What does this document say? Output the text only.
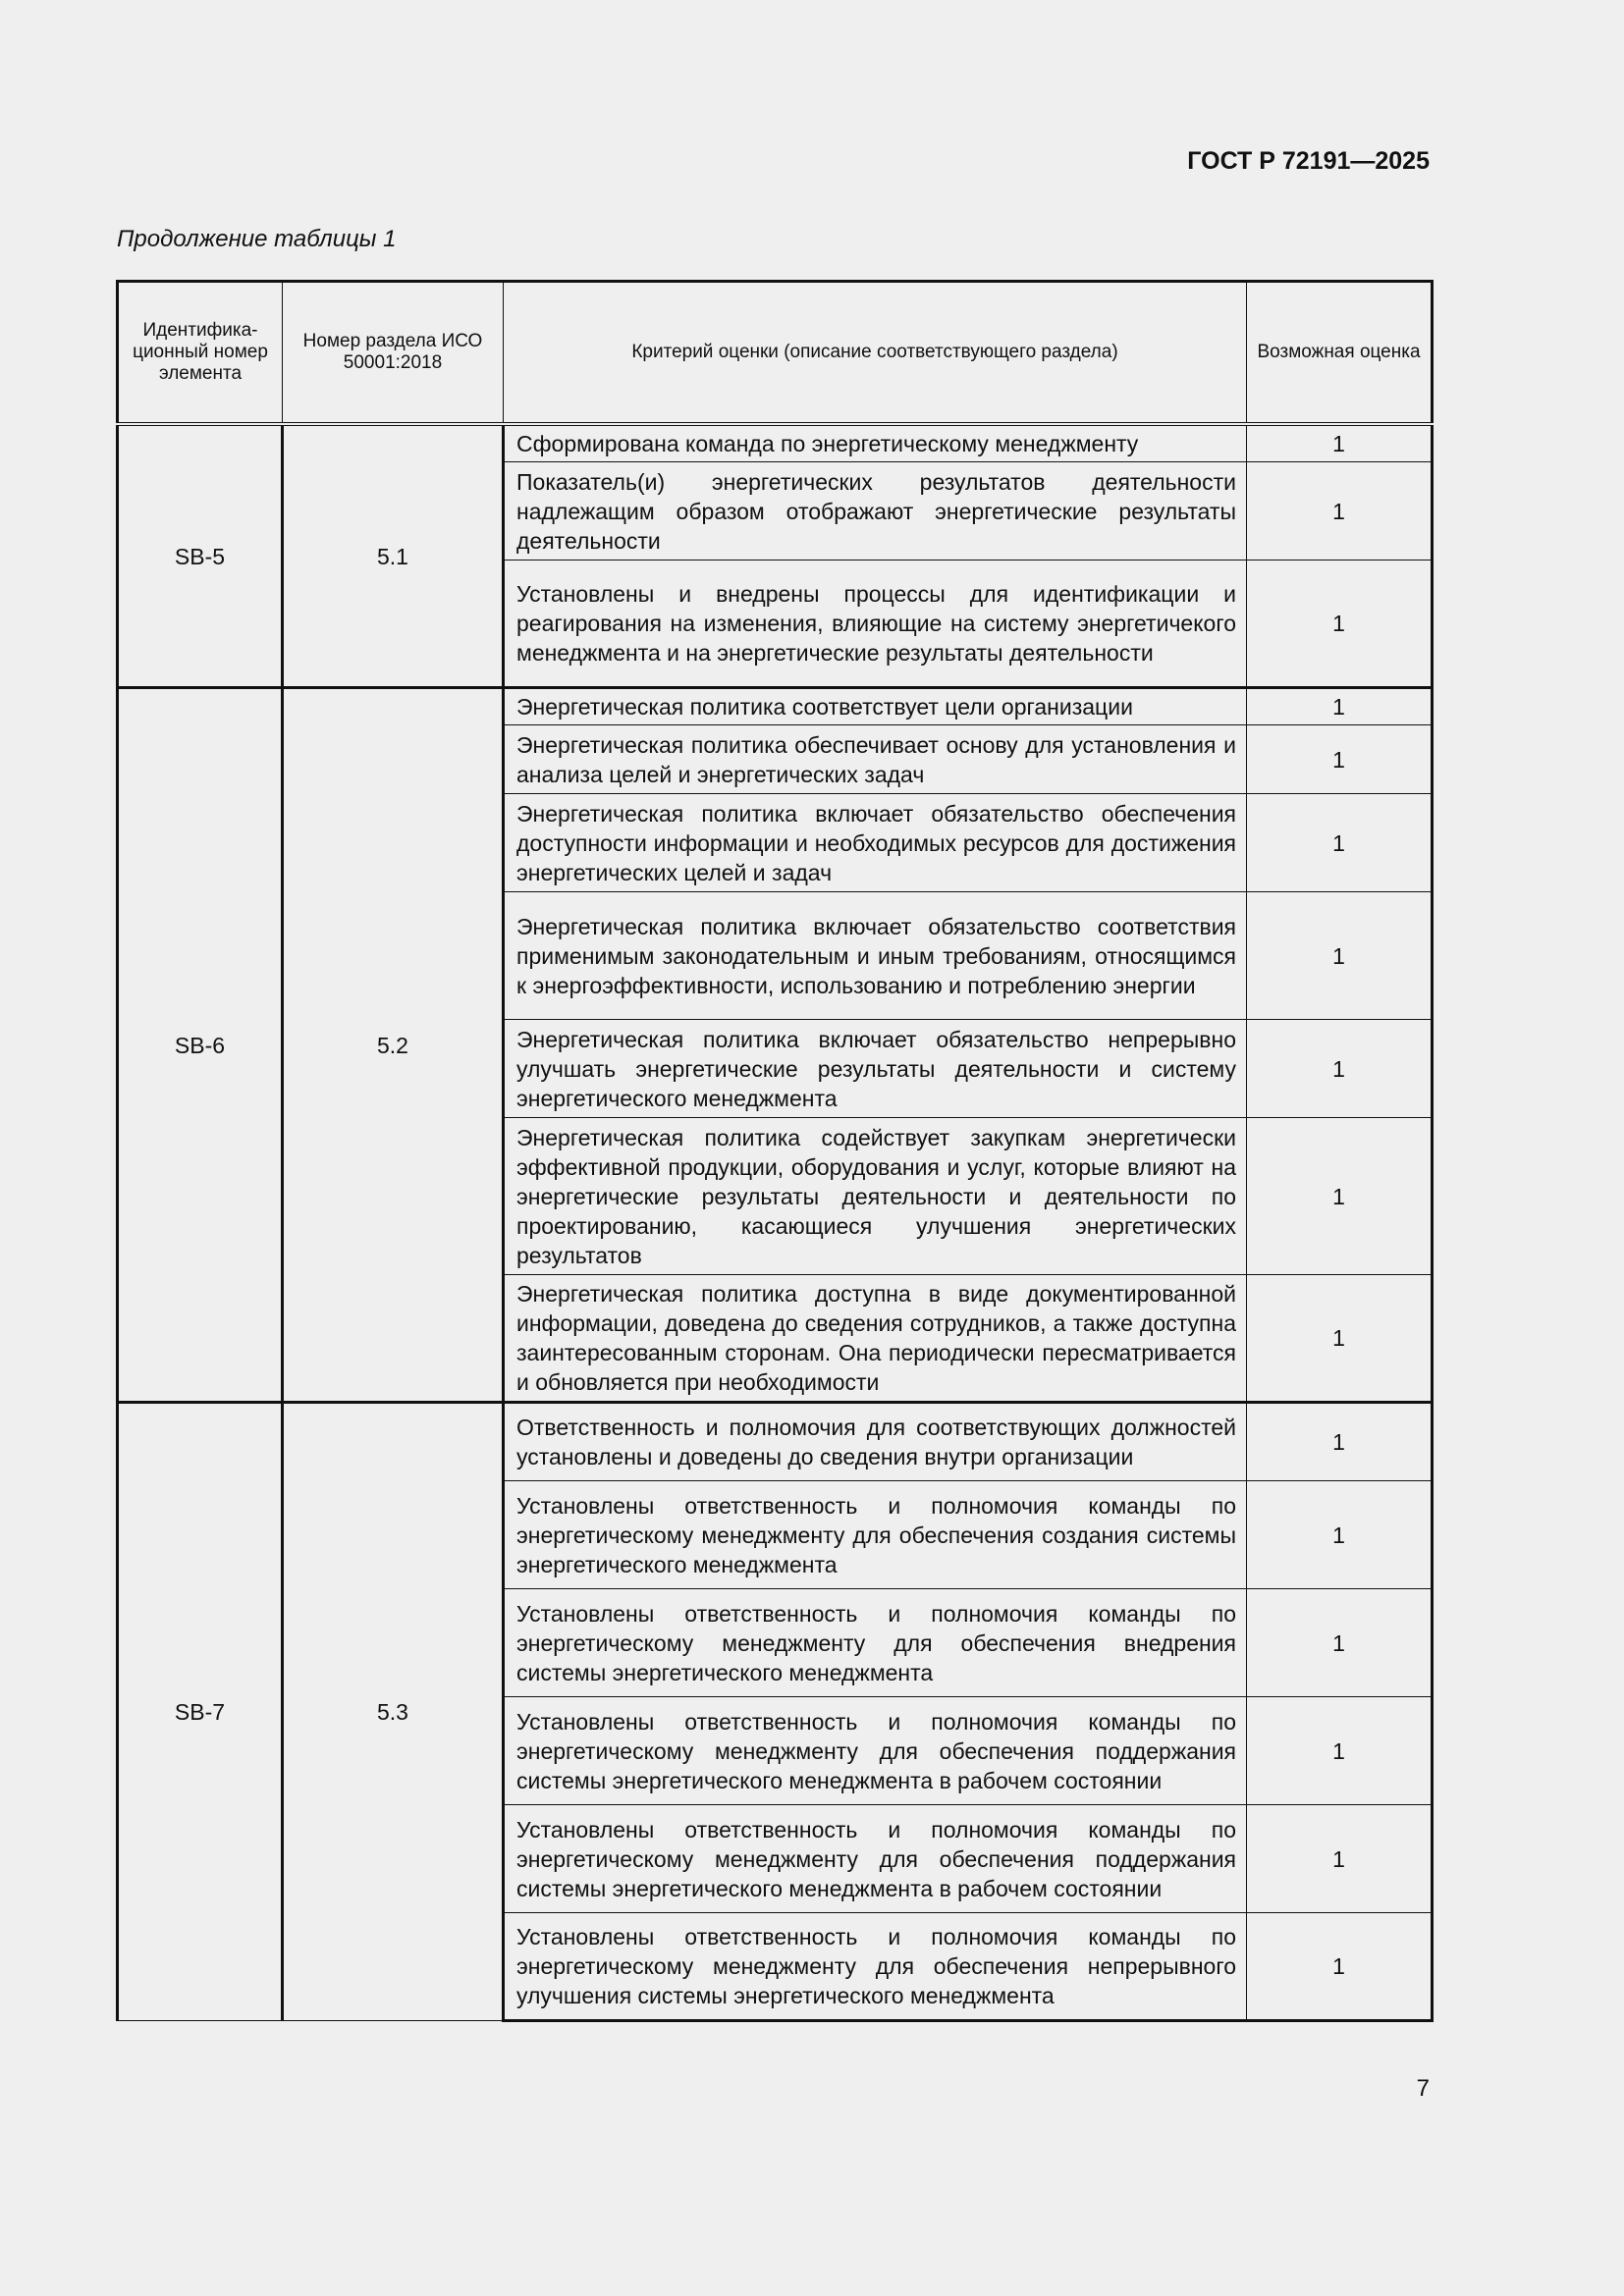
ГОСТ Р 72191—2025
Продолжение таблицы 1
Идентифика-ционный номер элемента	Номер раздела ИСО 50001:2018	Критерий оценки (описание соответствующего раздела)	Возможная оценка
SB-5	5.1	Сформирована команда по энергетическому менеджменту	1
		Показатель(и) энергетических результатов деятельности надлежащим образом отображают энергетические результаты деятельности	1
		Установлены и внедрены процессы для идентификации и реагирования на изменения, влияющие на систему энергетичекого менеджмента и на энергетические результаты деятельности	1
SB-6	5.2	Энергетическая политика соответствует цели организации	1
		Энергетическая политика обеспечивает основу для установления и анализа целей и энергетических задач	1
		Энергетическая политика включает обязательство обеспечения доступности информации и необходимых ресурсов для достижения энергетических целей и задач	1
		Энергетическая политика включает обязательство соответствия применимым законодательным и иным требованиям, относящимся к энергоэффективности, использованию и потреблению энергии	1
		Энергетическая политика включает обязательство непрерывно улучшать энергетические результаты деятельности и систему энергетического менеджмента	1
		Энергетическая политика содействует закупкам энергетически эффективной продукции, оборудования и услуг, которые влияют на энергетические результаты деятельности и деятельности по проектированию, касающиеся улучшения энергетических результатов	1
		Энергетическая политика доступна в виде документированной информации, доведена до сведения сотрудников, а также доступна заинтересованным сторонам. Она периодически пересматривается и обновляется при необходимости	1
SB-7	5.3	Ответственность и полномочия для соответствующих должностей установлены и доведены до сведения внутри организации	1
		Установлены ответственность и полномочия команды по энергетическому менеджменту для обеспечения создания системы энергетического менеджмента	1
		Установлены ответственность и полномочия команды по энергетическому менеджменту для обеспечения внедрения системы энергетического менеджмента	1
		Установлены ответственность и полномочия команды по энергетическому менеджменту для обеспечения поддержания системы энергетического менеджмента в рабочем состоянии	1
		Установлены ответственность и полномочия команды по энергетическому менеджменту для обеспечения поддержания системы энергетического менеджмента в рабочем состоянии	1
		Установлены ответственность и полномочия команды по энергетическому менеджменту для обеспечения непрерывного улучшения системы энергетического менеджмента	1
7
